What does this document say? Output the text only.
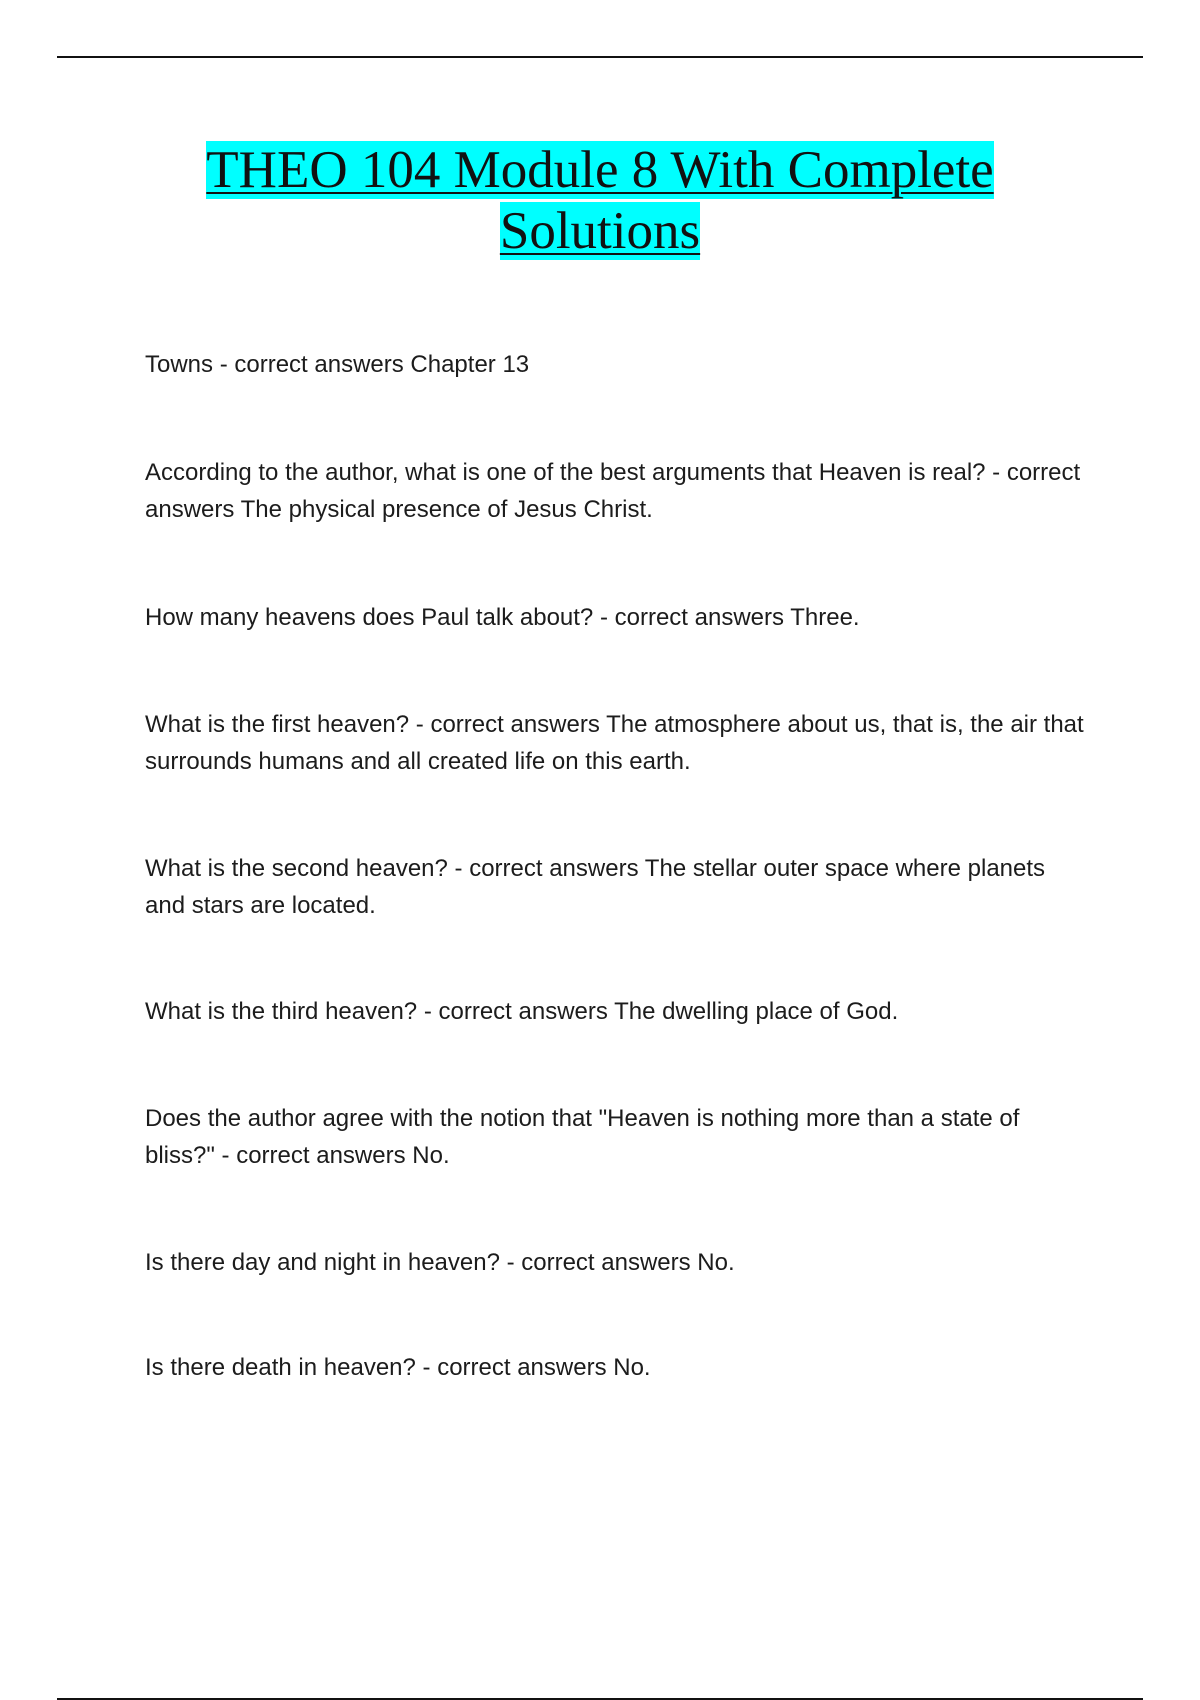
THEO 104 Module 8 With Complete Solutions

Towns - correct answers Chapter 13

According to the author, what is one of the best arguments that Heaven is real? - correct answers The physical presence of Jesus Christ.

How many heavens does Paul talk about? - correct answers Three.

What is the first heaven? - correct answers The atmosphere about us, that is, the air that surrounds humans and all created life on this earth.

What is the second heaven? - correct answers The stellar outer space where planets and stars are located.

What is the third heaven? - correct answers The dwelling place of God.

Does the author agree with the notion that "Heaven is nothing more than a state of bliss?" - correct answers No.

Is there day and night in heaven? - correct answers No.

Is there death in heaven? - correct answers No.
